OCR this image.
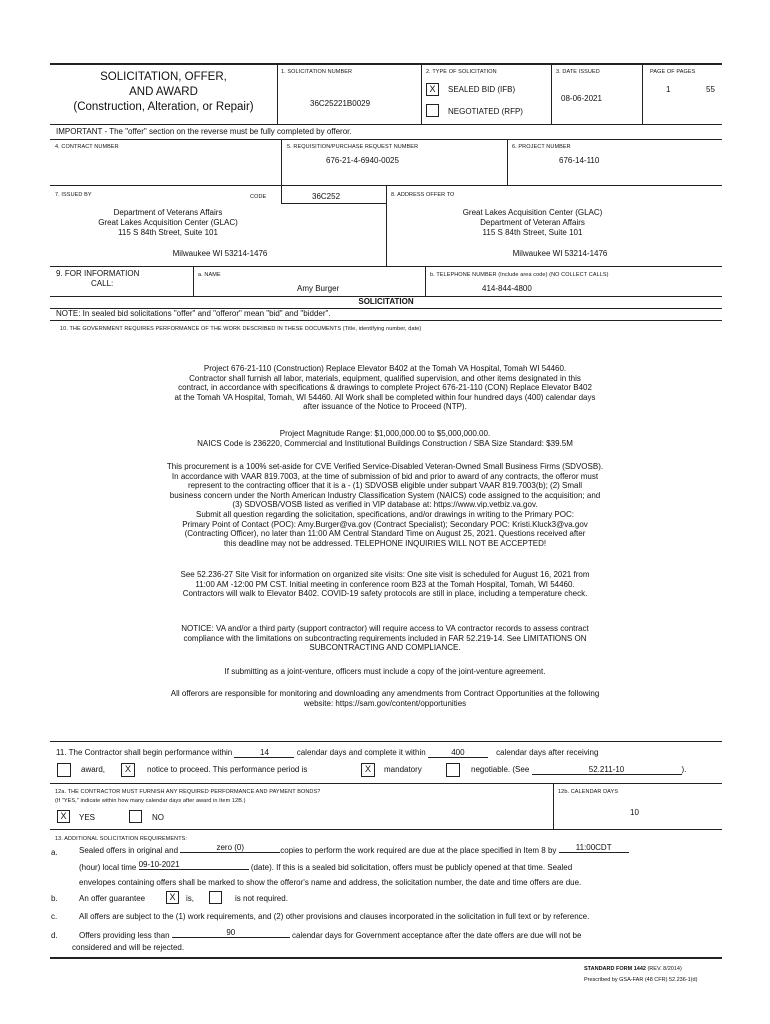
SOLICITATION, OFFER,
AND AWARD
(Construction, Alteration, or Repair)
1. SOLICITATION NUMBER
36C25221B0029
2. TYPE OF SOLICITATION
X	SEALED BID (IFB)
NEGOTIATED (RFP)
3. DATE ISSUED
08-06-2021
PAGE OF PAGES
1	55
IMPORTANT - The "offer" section on the reverse must be fully completed by offeror.
4. CONTRACT NUMBER	5. REQUISITION/PURCHASE REQUEST NUMBER
676-21-4-6940-0025
6. PROJECT NUMBER
676-14-110
7. ISSUED BY	CODE	36C252
Department of Veterans Affairs
Great Lakes Acquisition Center (GLAC)
115 S 84th Street, Suite 101
Milwaukee WI 53214-1476
8. ADDRESS OFFER TO
Great Lakes Acquisition Center (GLAC)
Department of Veteran Affairs
115 S 84th Street, Suite 101
Milwaukee WI 53214-1476
9. FOR INFORMATION
CALL:
a. NAME
Amy Burger
b. TELEPHONE NUMBER (Include area code) (NO COLLECT CALLS)
414-844-4800
SOLICITATION
NOTE: In sealed bid solicitations "offer" and "offeror" mean "bid" and "bidder".
10. THE GOVERNMENT REQUIRES PERFORMANCE OF THE WORK DESCRIBED IN THESE DOCUMENTS (Title, identifying number, date)
Project 676-21-110 (Construction) Replace Elevator B402 at the Tomah VA Hospital, Tomah WI 54460.
Contractor shall furnish all labor, materials, equipment, qualified supervision, and other items designated in this
contract, in accordance with specifications & drawings to complete Project 676-21-110 (CON) Replace Elevator B402
at the Tomah VA Hospital, Tomah, WI 54460. All Work shall be completed within four hundred days (400) calendar days
after issuance of the Notice to Proceed (NTP).
Project Magnitude Range: $1,000,000.00 to $5,000,000.00.
NAICS Code is 236220, Commercial and Institutional Buildings Construction / SBA Size Standard: $39.5M
This procurement is a 100% set-aside for CVE Verified Service-Disabled Veteran-Owned Small Business Firms (SDVOSB).
In accordance with VAAR 819.7003, at the time of submission of bid and prior to award of any contracts, the offeror must
represent to the contracting officer that it is a - (1) SDVOSB eligible under subpart VAAR 819.7003(b); (2) Small
business concern under the North American Industry Classification System (NAICS) code assigned to the acquisition; and
(3) SDVOSB/VOSB listed as verified in VIP database at: https://www.vip.vetbiz.va.gov.
Submit all question regarding the solicitation, specifications, and/or drawings in writing to the Primary POC:
Primary Point of Contact (POC): Amy.Burger@va.gov (Contract Specialist); Secondary POC: Kristi.Kluck3@va.gov
(Contracting Officer), no later than 11:00 AM Central Standard Time on August 25, 2021. Questions received after
this deadline may not be addressed. TELEPHONE INQUIRIES WILL NOT BE ACCEPTED!
See 52.236-27 Site Visit for information on organized site visits: One site visit is scheduled for August 16, 2021 from
11:00 AM -12:00 PM CST. Initial meeting in conference room B23 at the Tomah Hospital, Tomah, WI 54460.
Contractors will walk to Elevator B402. COVID-19 safety protocols are still in place, including a temperature check.
NOTICE: VA and/or a third party (support contractor) will require access to VA contractor records to assess contract
compliance with the limitations on subcontracting requirements included in FAR 52.219-14. See LIMITATIONS ON
SUBCONTRACTING AND COMPLIANCE.
If submitting as a joint-venture, officers must include a copy of the joint-venture agreement.
All offerors are responsible for monitoring and downloading any amendments from Contract Opportunities at the following
website: https://sam.gov/content/opportunities
11. The Contractor shall begin performance within	14	calendar days and complete it within	400	calendar days after receiving
award,	X	notice to proceed. This performance period is	X	mandatory	negotiable. (See	52.211-10	).
12a. THE CONTRACTOR MUST FURNISH ANY REQUIRED PERFORMANCE AND PAYMENT BONDS?
(If "YES," indicate within how many calendar days after award in Item 12B.)
X	YES	NO
12b. CALENDAR DAYS
10
13. ADDITIONAL SOLICITATION REQUIREMENTS:
a.	Sealed offers in original and	zero (0)	copies to perform the work required are due at the place specified in Item 8 by 11:00CDT
(hour) local time 09-10-2021	(date). If this is a sealed bid solicitation, offers must be publicly opened at that time. Sealed
envelopes containing offers shall be marked to show the offeror's name and address, the solicitation number, the date and time offers are due.
b.	An offer guarantee	X	is,	is not required.
c.	All offers are subject to the (1) work requirements, and (2) other provisions and clauses incorporated in the solicitation in full text or by reference.
d.	Offers providing less than	90	calendar days for Government acceptance after the date offers are due will not be
considered and will be rejected.
STANDARD FORM 1442 (REV. 8/2014)
Prescribed by GSA-FAR (48 CFR) 52.236-1(d)
